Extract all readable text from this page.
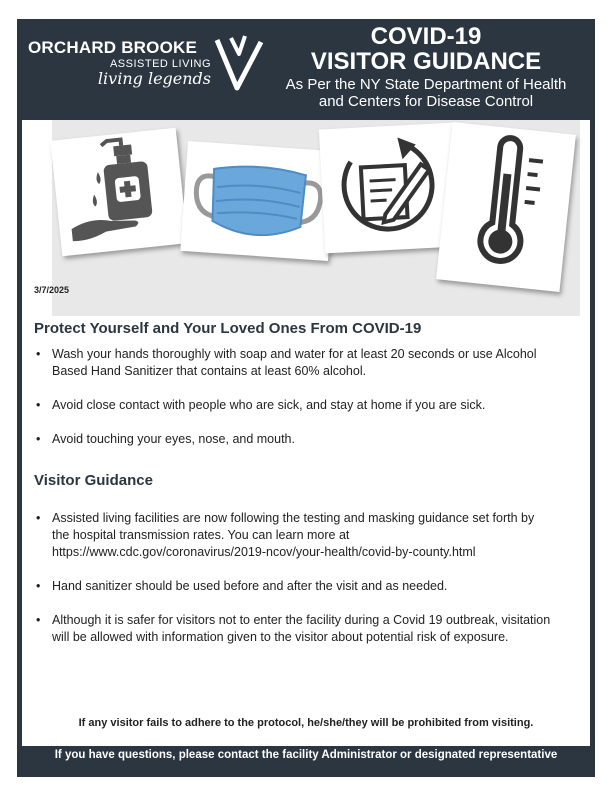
ORCHARD BROOKE
ASSISTED LIVING
living legends
COVID-19
VISITOR GUIDANCE
As Per the NY State Department of Health
and Centers for Disease Control
3/7/2025
Protect Yourself and Your Loved Ones From COVID-19
• Wash your hands thoroughly with soap and water for at least 20 seconds or use Alcohol Based Hand Sanitizer that contains at least 60% alcohol.
• Avoid close contact with people who are sick, and stay at home if you are sick.
• Avoid touching your eyes, nose, and mouth.
Visitor Guidance
• Assisted living facilities are now following the testing and masking guidance set forth by the hospital transmission rates. You can learn more at https://www.cdc.gov/coronavirus/2019-ncov/your-health/covid-by-county.html
• Hand sanitizer should be used before and after the visit and as needed.
• Although it is safer for visitors not to enter the facility during a Covid 19 outbreak, visitation will be allowed with information given to the visitor about potential risk of exposure.
If any visitor fails to adhere to the protocol, he/she/they will be prohibited from visiting.
If you have questions, please contact the facility Administrator or designated representative
